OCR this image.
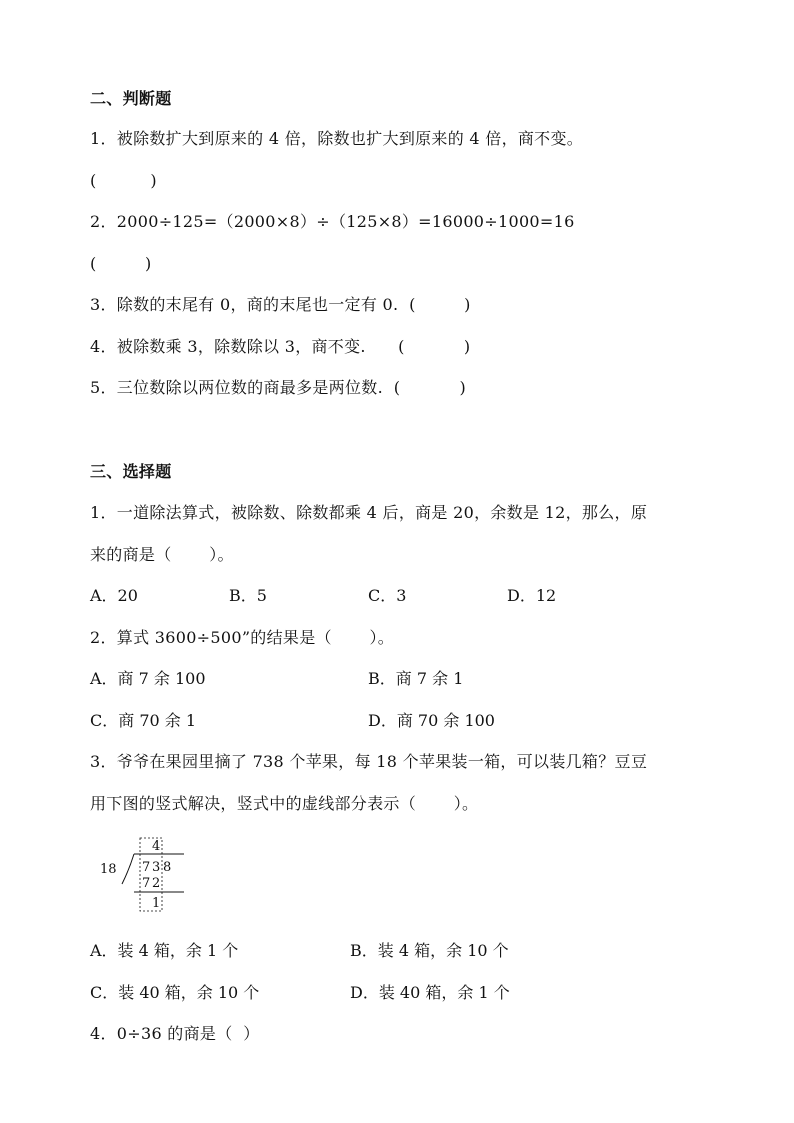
二、判断题
1．被除数扩大到原来的 4 倍，除数也扩大到原来的 4 倍，商不变。
(          )
2．2000÷125=（2000×8）÷（125×8）=16000÷1000=16
(         )
3．除数的末尾有 0，商的末尾也一定有 0.  (         )
4．被除数乘 3，除数除以 3，商不变.      (           )
5．三位数除以两位数的商最多是两位数.  (           )
三、选择题
1．一道除法算式，被除数、除数都乘 4 后，商是 20，余数是 12，那么，原
来的商是（       ）。
A．20	B．5	C．3	D．12
2．算式 3600÷500”的结果是（       ）。
A．商 7 余 100	B．商 7 余 1
C．商 70 余 1	D．商 70 余 100
3．爷爷在果园里摘了 738 个苹果，每 18 个苹果装一箱，可以装几箱？豆豆
用下图的竖式解决，竖式中的虚线部分表示（       ）。
4
18 7 3 8
7 2
1
A．装 4 箱，余 1 个	B．装 4 箱，余 10 个
C．装 40 箱，余 10 个	D．装 40 箱，余 1 个
4．0÷36 的商是（  ）
